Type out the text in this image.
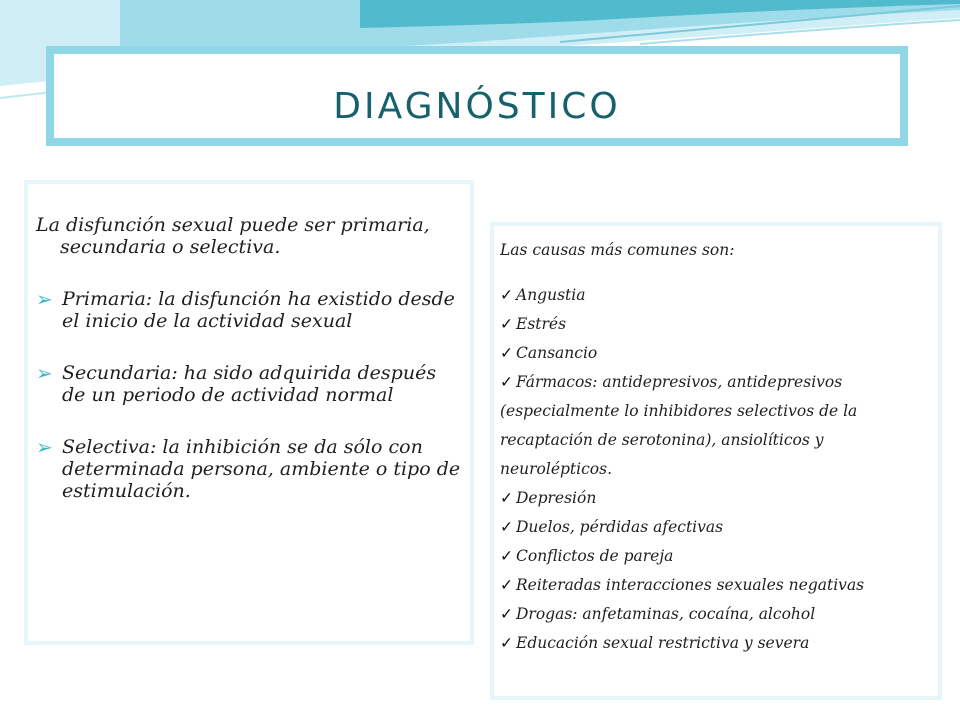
DIAGNÓSTICO

La disfunción sexual puede ser primaria, secundaria o selectiva.

➢ Primaria: la disfunción ha existido desde el inicio de la actividad sexual
➢ Secundaria: ha sido adquirida después de un periodo de actividad normal
➢ Selectiva: la inhibición se da sólo con determinada persona, ambiente o tipo de estimulación.

Las causas más comunes son:

✓ Angustia
✓ Estrés
✓ Cansancio
✓ Fármacos: antidepresivos, antidepresivos (especialmente lo inhibidores selectivos de la recaptación de serotonina), ansiolíticos y neurolépticos.
✓ Depresión
✓ Duelos, pérdidas afectivas
✓ Conflictos de pareja
✓ Reiteradas interacciones sexuales negativas
✓ Drogas: anfetaminas, cocaína, alcohol
✓ Educación sexual restrictiva y severa
